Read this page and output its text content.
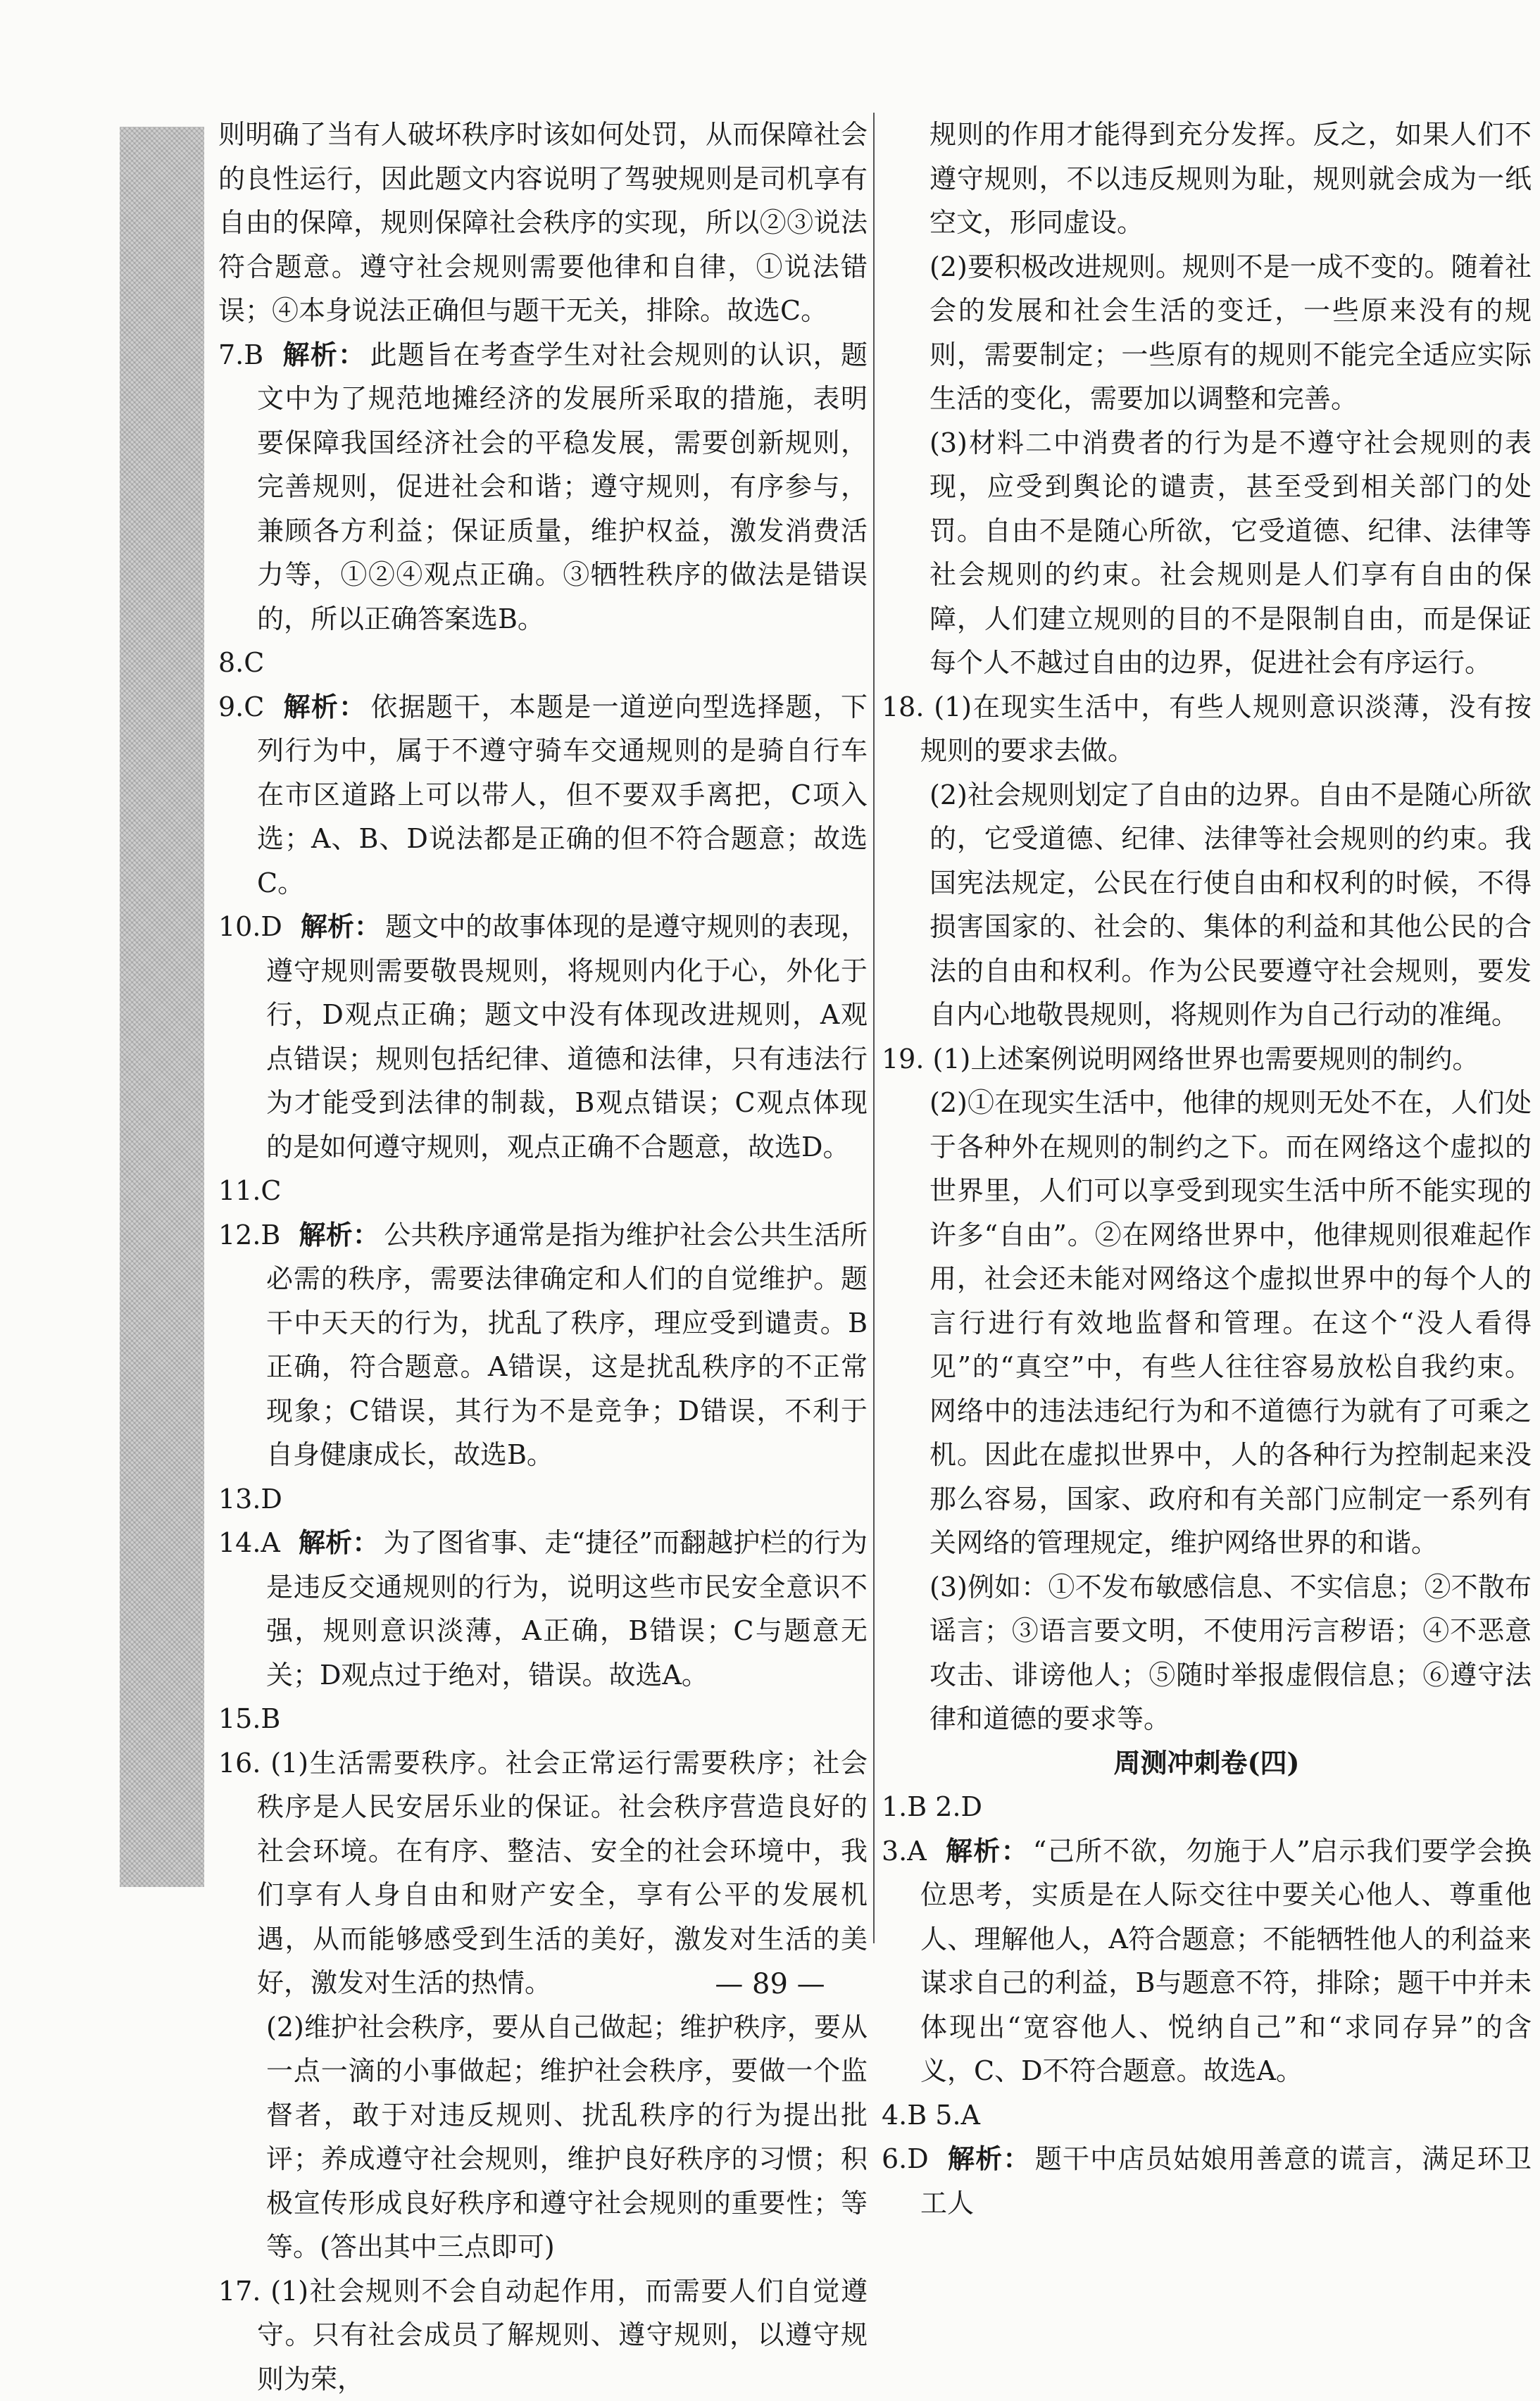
则明确了当有人破坏秩序时该如何处罚，从而保障社会的良性运行，因此题文内容说明了驾驶规则是司机享有自由的保障，规则保障社会秩序的实现，所以②③说法符合题意。遵守社会规则需要他律和自律，①说法错误；④本身说法正确但与题干无关，排除。故选C。
7.B 解析： 此题旨在考查学生对社会规则的认识，题文中为了规范地摊经济的发展所采取的措施，表明要保障我国经济社会的平稳发展，需要创新规则，完善规则，促进社会和谐；遵守规则，有序参与，兼顾各方利益；保证质量，维护权益，激发消费活力等，①②④观点正确。③牺牲秩序的做法是错误的，所以正确答案选B。
8.C
9.C 解析： 依据题干，本题是一道逆向型选择题，下列行为中，属于不遵守骑车交通规则的是骑自行车在市区道路上可以带人，但不要双手离把，C项入选；A、B、D说法都是正确的但不符合题意；故选C。
10.D 解析： 题文中的故事体现的是遵守规则的表现，遵守规则需要敬畏规则，将规则内化于心，外化于行，D观点正确；题文中没有体现改进规则，A观点错误；规则包括纪律、道德和法律，只有违法行为才能受到法律的制裁，B观点错误；C观点体现的是如何遵守规则，观点正确不合题意，故选D。
11.C
12.B 解析： 公共秩序通常是指为维护社会公共生活所必需的秩序，需要法律确定和人们的自觉维护。题干中天天的行为，扰乱了秩序，理应受到谴责。B正确，符合题意。A错误，这是扰乱秩序的不正常现象；C错误，其行为不是竞争；D错误，不利于自身健康成长，故选B。
13.D
14.A 解析： 为了图省事、走“捷径”而翻越护栏的行为是违反交通规则的行为，说明这些市民安全意识不强，规则意识淡薄，A正确，B错误；C与题意无关；D观点过于绝对，错误。故选A。
15.B
16. (1)生活需要秩序。社会正常运行需要秩序；社会秩序是人民安居乐业的保证。社会秩序营造良好的社会环境。在有序、整洁、安全的社会环境中，我们享有人身自由和财产安全，享有公平的发展机遇，从而能够感受到生活的美好，激发对生活的美好，激发对生活的热情。
(2)维护社会秩序，要从自己做起；维护秩序，要从一点一滴的小事做起；维护社会秩序，要做一个监督者，敢于对违反规则、扰乱秩序的行为提出批评；养成遵守社会规则，维护良好秩序的习惯；积极宣传形成良好秩序和遵守社会规则的重要性；等等。(答出其中三点即可)
17. (1)社会规则不会自动起作用，而需要人们自觉遵守。只有社会成员了解规则、遵守规则，以遵守规则为荣，
规则的作用才能得到充分发挥。反之，如果人们不遵守规则，不以违反规则为耻，规则就会成为一纸空文，形同虚设。
(2)要积极改进规则。规则不是一成不变的。随着社会的发展和社会生活的变迁，一些原来没有的规则，需要制定；一些原有的规则不能完全适应实际生活的变化，需要加以调整和完善。
(3)材料二中消费者的行为是不遵守社会规则的表现，应受到舆论的谴责，甚至受到相关部门的处罚。自由不是随心所欲，它受道德、纪律、法律等社会规则的约束。社会规则是人们享有自由的保障，人们建立规则的目的不是限制自由，而是保证每个人不越过自由的边界，促进社会有序运行。
18. (1)在现实生活中，有些人规则意识淡薄，没有按规则的要求去做。
(2)社会规则划定了自由的边界。自由不是随心所欲的，它受道德、纪律、法律等社会规则的约束。我国宪法规定，公民在行使自由和权利的时候，不得损害国家的、社会的、集体的利益和其他公民的合法的自由和权利。作为公民要遵守社会规则，要发自内心地敬畏规则，将规则作为自己行动的准绳。
19. (1)上述案例说明网络世界也需要规则的制约。
(2)①在现实生活中，他律的规则无处不在，人们处于各种外在规则的制约之下。而在网络这个虚拟的世界里，人们可以享受到现实生活中所不能实现的许多“自由”。②在网络世界中，他律规则很难起作用，社会还未能对网络这个虚拟世界中的每个人的言行进行有效地监督和管理。在这个“没人看得见”的“真空”中，有些人往往容易放松自我约束。网络中的违法违纪行为和不道德行为就有了可乘之机。因此在虚拟世界中，人的各种行为控制起来没那么容易，国家、政府和有关部门应制定一系列有关网络的管理规定，维护网络世界的和谐。
(3)例如：①不发布敏感信息、不实信息；②不散布谣言；③语言要文明，不使用污言秽语；④不恶意攻击、诽谤他人；⑤随时举报虚假信息；⑥遵守法律和道德的要求等。
周测冲刺卷(四)
1.B 2.D
3.A 解析： “己所不欲，勿施于人”启示我们要学会换位思考，实质是在人际交往中要关心他人、尊重他人、理解他人，A符合题意；不能牺牲他人的利益来谋求自己的利益，B与题意不符，排除；题干中并未体现出“宽容他人、悦纳自己”和“求同存异”的含义，C、D不符合题意。故选A。
4.B 5.A
6.D 解析： 题干中店员姑娘用善意的谎言，满足环卫工人
— 89 —
